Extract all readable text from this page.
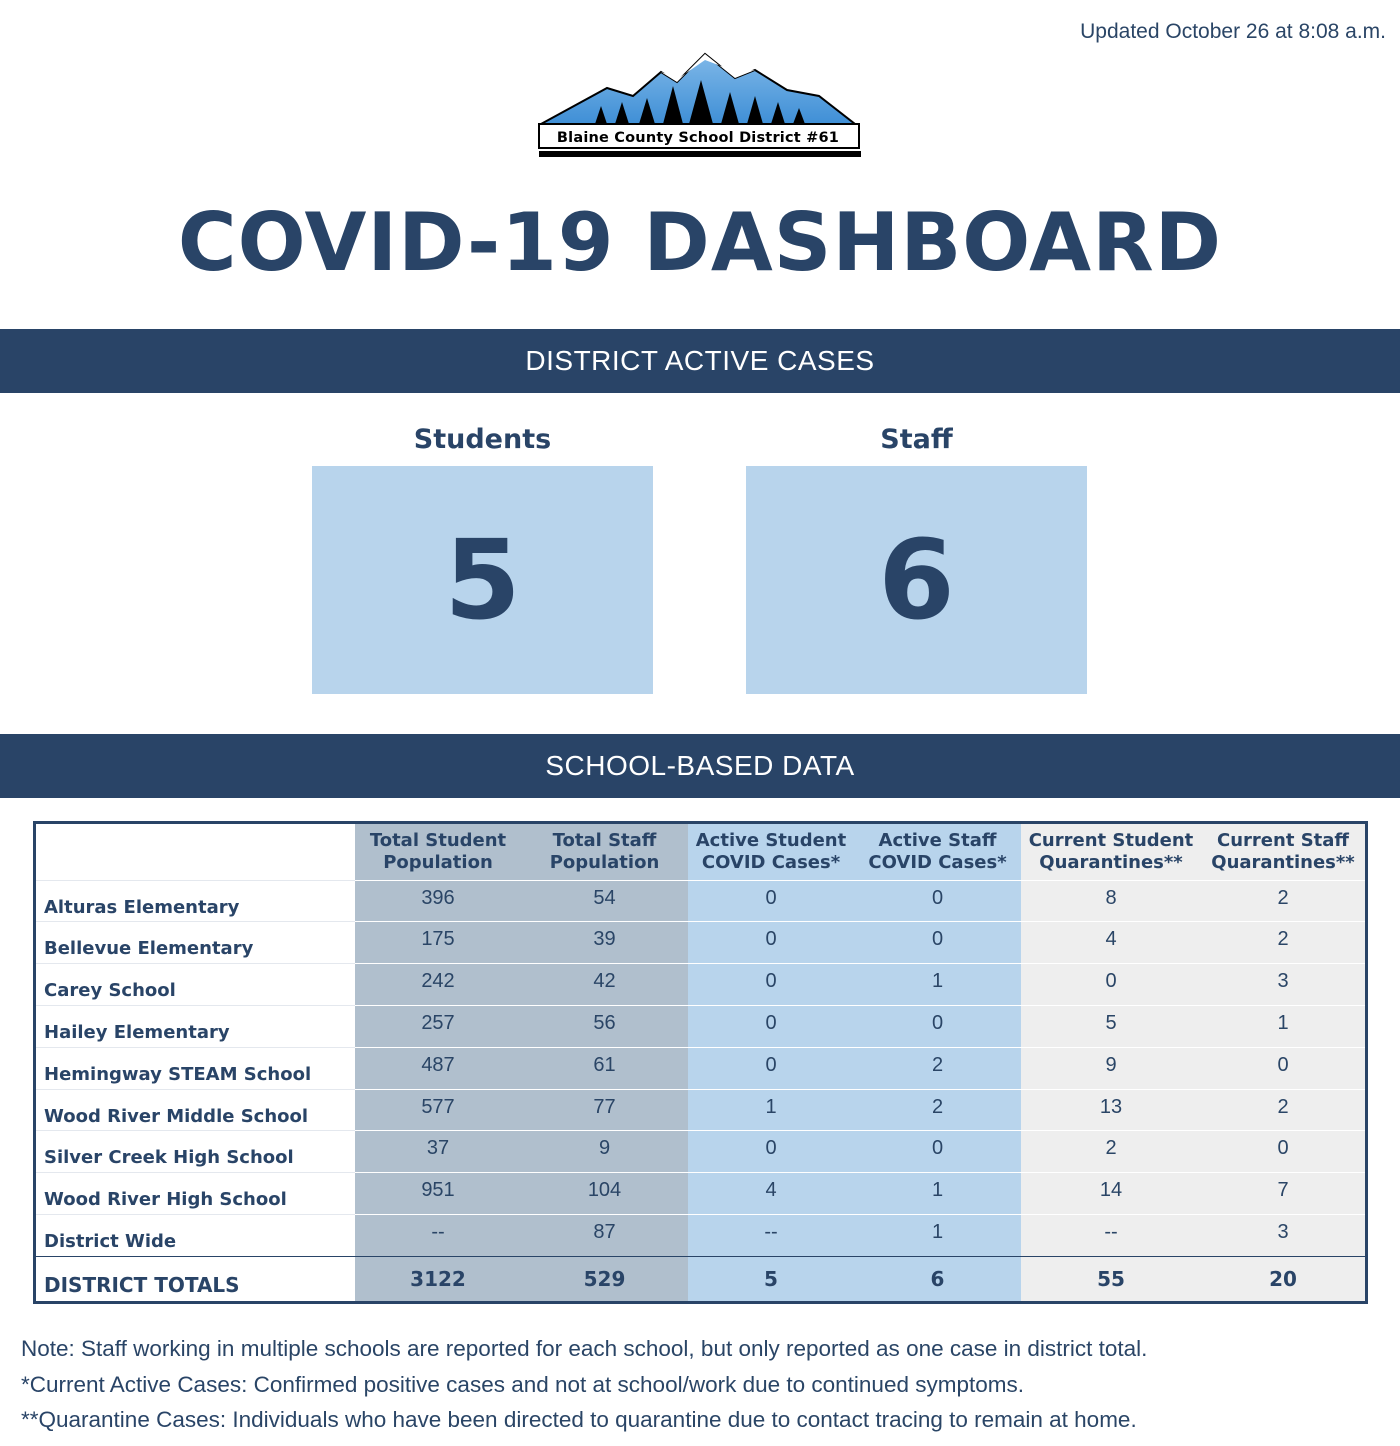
Updated October 26 at 8:08 a.m.
Blaine County School District #61
COVID-19 DASHBOARD
DISTRICT ACTIVE CASES
Students
5
Staff
6
SCHOOL-BASED DATA
	Total Student Population	Total Staff Population	Active Student COVID Cases*	Active Staff COVID Cases*	Current Student Quarantines**	Current Staff Quarantines**
Alturas Elementary	396	54	0	0	8	2
Bellevue Elementary	175	39	0	0	4	2
Carey School	242	42	0	1	0	3
Hailey Elementary	257	56	0	0	5	1
Hemingway STEAM School	487	61	0	2	9	0
Wood River Middle School	577	77	1	2	13	2
Silver Creek High School	37	9	0	0	2	0
Wood River High School	951	104	4	1	14	7
District Wide	--	87	--	1	--	3
DISTRICT TOTALS	3122	529	5	6	55	20
Note: Staff working in multiple schools are reported for each school, but only reported as one case in district total.
*Current Active Cases: Confirmed positive cases and not at school/work due to continued symptoms.
**Quarantine Cases: Individuals who have been directed to quarantine due to contact tracing to remain at home.
